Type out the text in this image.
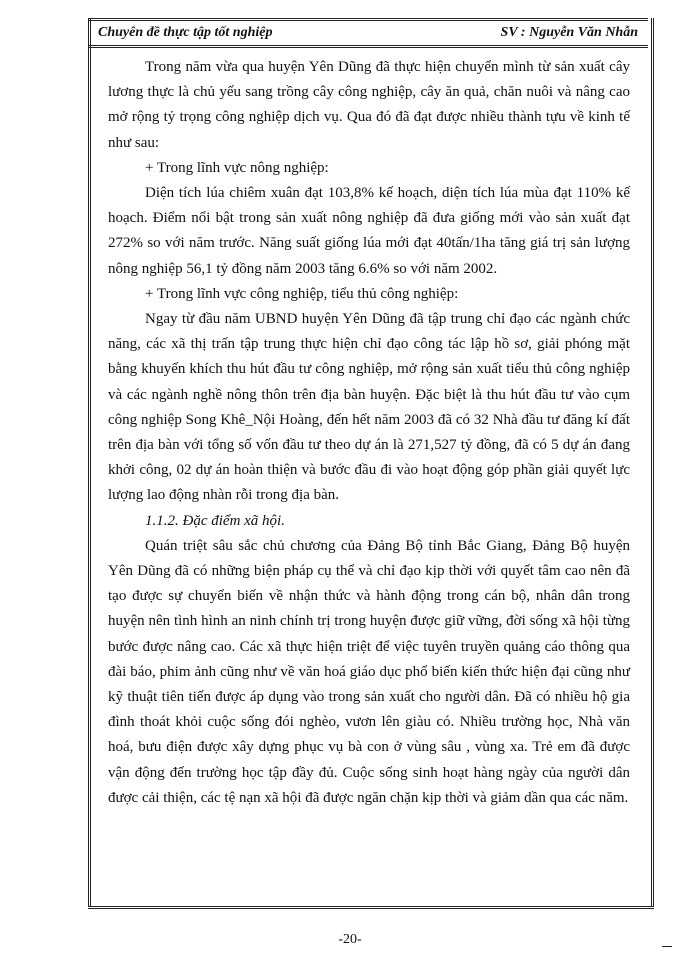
Chuyên đề thực tập tốt nghiệp	SV : Nguyễn Văn Nhẫn

Trong năm vừa qua huyện Yên Dũng đã thực hiện chuyển mình từ sản xuất cây lương thực là chủ yếu sang trồng cây công nghiệp, cây ăn quả, chăn nuôi và nâng cao mở rộng tỷ trọng công nghiệp dịch vụ. Qua đó đã đạt được nhiều thành tựu về kinh tế như sau:

+ Trong lĩnh vực nông nghiệp:

Diện tích lúa chiêm xuân đạt 103,8% kế hoạch, diện tích lúa mùa đạt 110% kế hoạch. Điểm nổi bật trong sản xuất nông nghiệp đã đưa giống mới vào sản xuất đạt 272% so với năm trước. Năng suất giống lúa mới đạt 40tấn/1ha tăng giá trị sản lượng nông nghiệp 56,1 tỷ đồng năm 2003 tăng 6.6% so với năm 2002.

+ Trong lĩnh vực công nghiệp, tiểu thủ công nghiệp:

Ngay từ đầu năm UBND huyện Yên Dũng đã tập trung chỉ đạo các ngành chức năng, các xã thị trấn tập trung thực hiện chỉ đạo công tác lập hồ sơ, giải phóng mặt bằng khuyến khích thu hút đầu tư công nghiệp, mở rộng sản xuất tiểu thủ công nghiệp và các ngành nghề nông thôn trên địa bàn huyện. Đặc biệt là thu hút đầu tư vào cụm công nghiệp Song Khê_Nội Hoàng, đến hết năm 2003 đã có 32 Nhà đầu tư đăng kí đất trên địa bàn với tổng số vốn đầu tư theo dự án là 271,527 tỷ đồng, đã có 5 dự án đang khởi công, 02 dự án hoàn thiện và bước đầu đi vào hoạt động góp phần giải quyết lực lượng lao động nhàn rỗi trong địa bàn.

1.1.2. Đặc điểm xã hội.

Quán triệt sâu sắc chủ chương của Đảng Bộ tỉnh Bắc Giang, Đảng Bộ huyện Yên Dũng đã có những biện pháp cụ thể và chỉ đạo kịp thời với quyết tâm cao nên đã tạo được sự chuyển biến về nhận thức và hành động trong cán bộ, nhân dân trong huyện nên tình hình an ninh chính trị trong huyện được giữ vững, đời sống xã hội từng bước được nâng cao. Các xã thực hiện triệt để việc tuyên truyền quảng cáo thông qua đài báo, phim ảnh cũng như về văn hoá giáo dục phổ biến kiến thức hiện đại cũng như kỹ thuật tiên tiến được áp dụng vào trong sản xuất cho người dân. Đã có nhiều hộ gia đình thoát khỏi cuộc sống đói nghèo, vươn lên giàu có. Nhiều trường học, Nhà văn hoá, bưu điện được xây dựng phục vụ bà con ở vùng sâu , vùng xa. Trẻ em đã được vận động đến trường học tập đầy đủ. Cuộc sống sinh hoạt hàng ngày của người dân được cải thiện, các tệ nạn xã hội đã được ngăn chặn kịp thời và giảm dần qua các năm.

-20-
